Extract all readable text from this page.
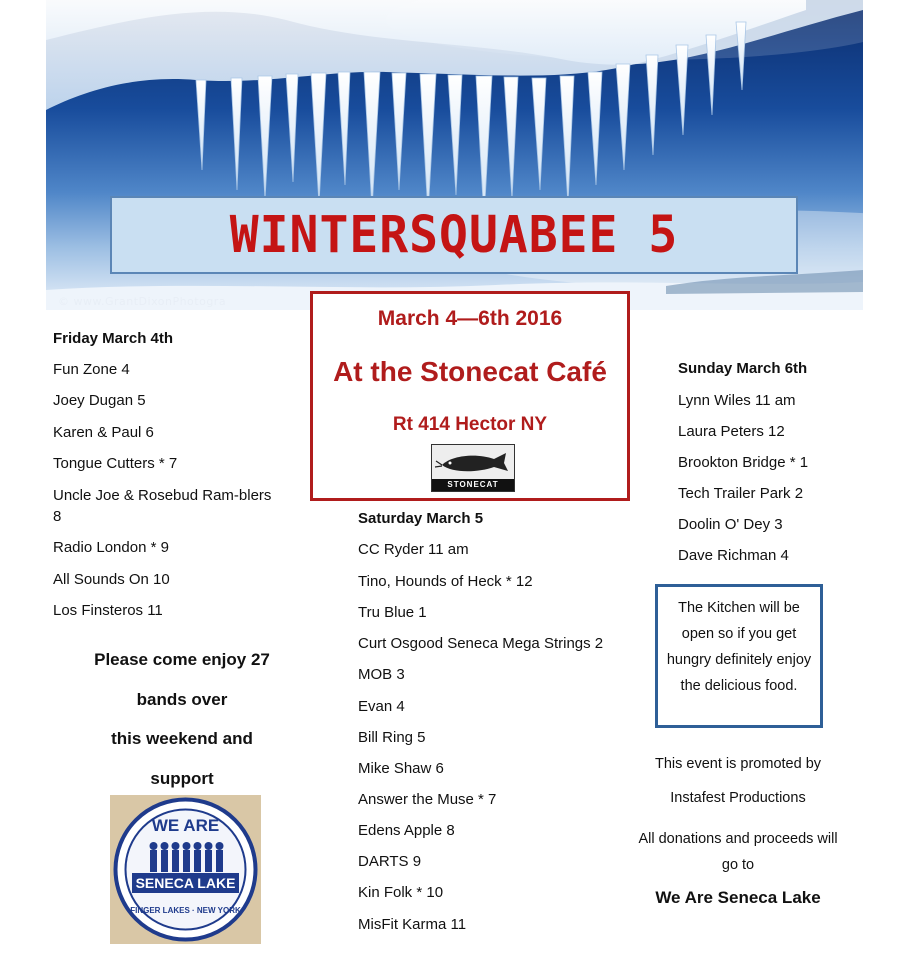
© www.GrantDixonPhotogra
WINTERSQUABEE 5
March 4—6th 2016
At the Stonecat Café
Rt 414 Hector NY
STONECAT
Friday March 4th
Fun Zone 4
Joey Dugan 5
Karen & Paul 6
Tongue Cutters * 7
Uncle Joe & Rosebud Ram-blers 8
Radio London * 9
All Sounds On 10
Los Finsteros 11
Saturday March 5
CC Ryder 11 am
Tino, Hounds of Heck * 12
Tru Blue 1
Curt Osgood Seneca Mega Strings 2
MOB 3
Evan 4
Bill Ring 5
Mike Shaw 6
Answer the Muse * 7
Edens Apple 8
DARTS 9
Kin Folk * 10
MisFit Karma 11
Sunday March 6th
Lynn Wiles 11 am
Laura Peters 12
Brookton Bridge * 1
Tech Trailer Park 2
Doolin O' Dey 3
Dave Richman 4
Please come enjoy 27
bands over
this weekend and
support
WE ARE
SENECA LAKE
FINGER LAKES · NEW YORK
The Kitchen will be open so if you get hungry definitely enjoy the delicious food.
This event is promoted by
Instafest Productions
All donations and proceeds will go to
We Are Seneca Lake
